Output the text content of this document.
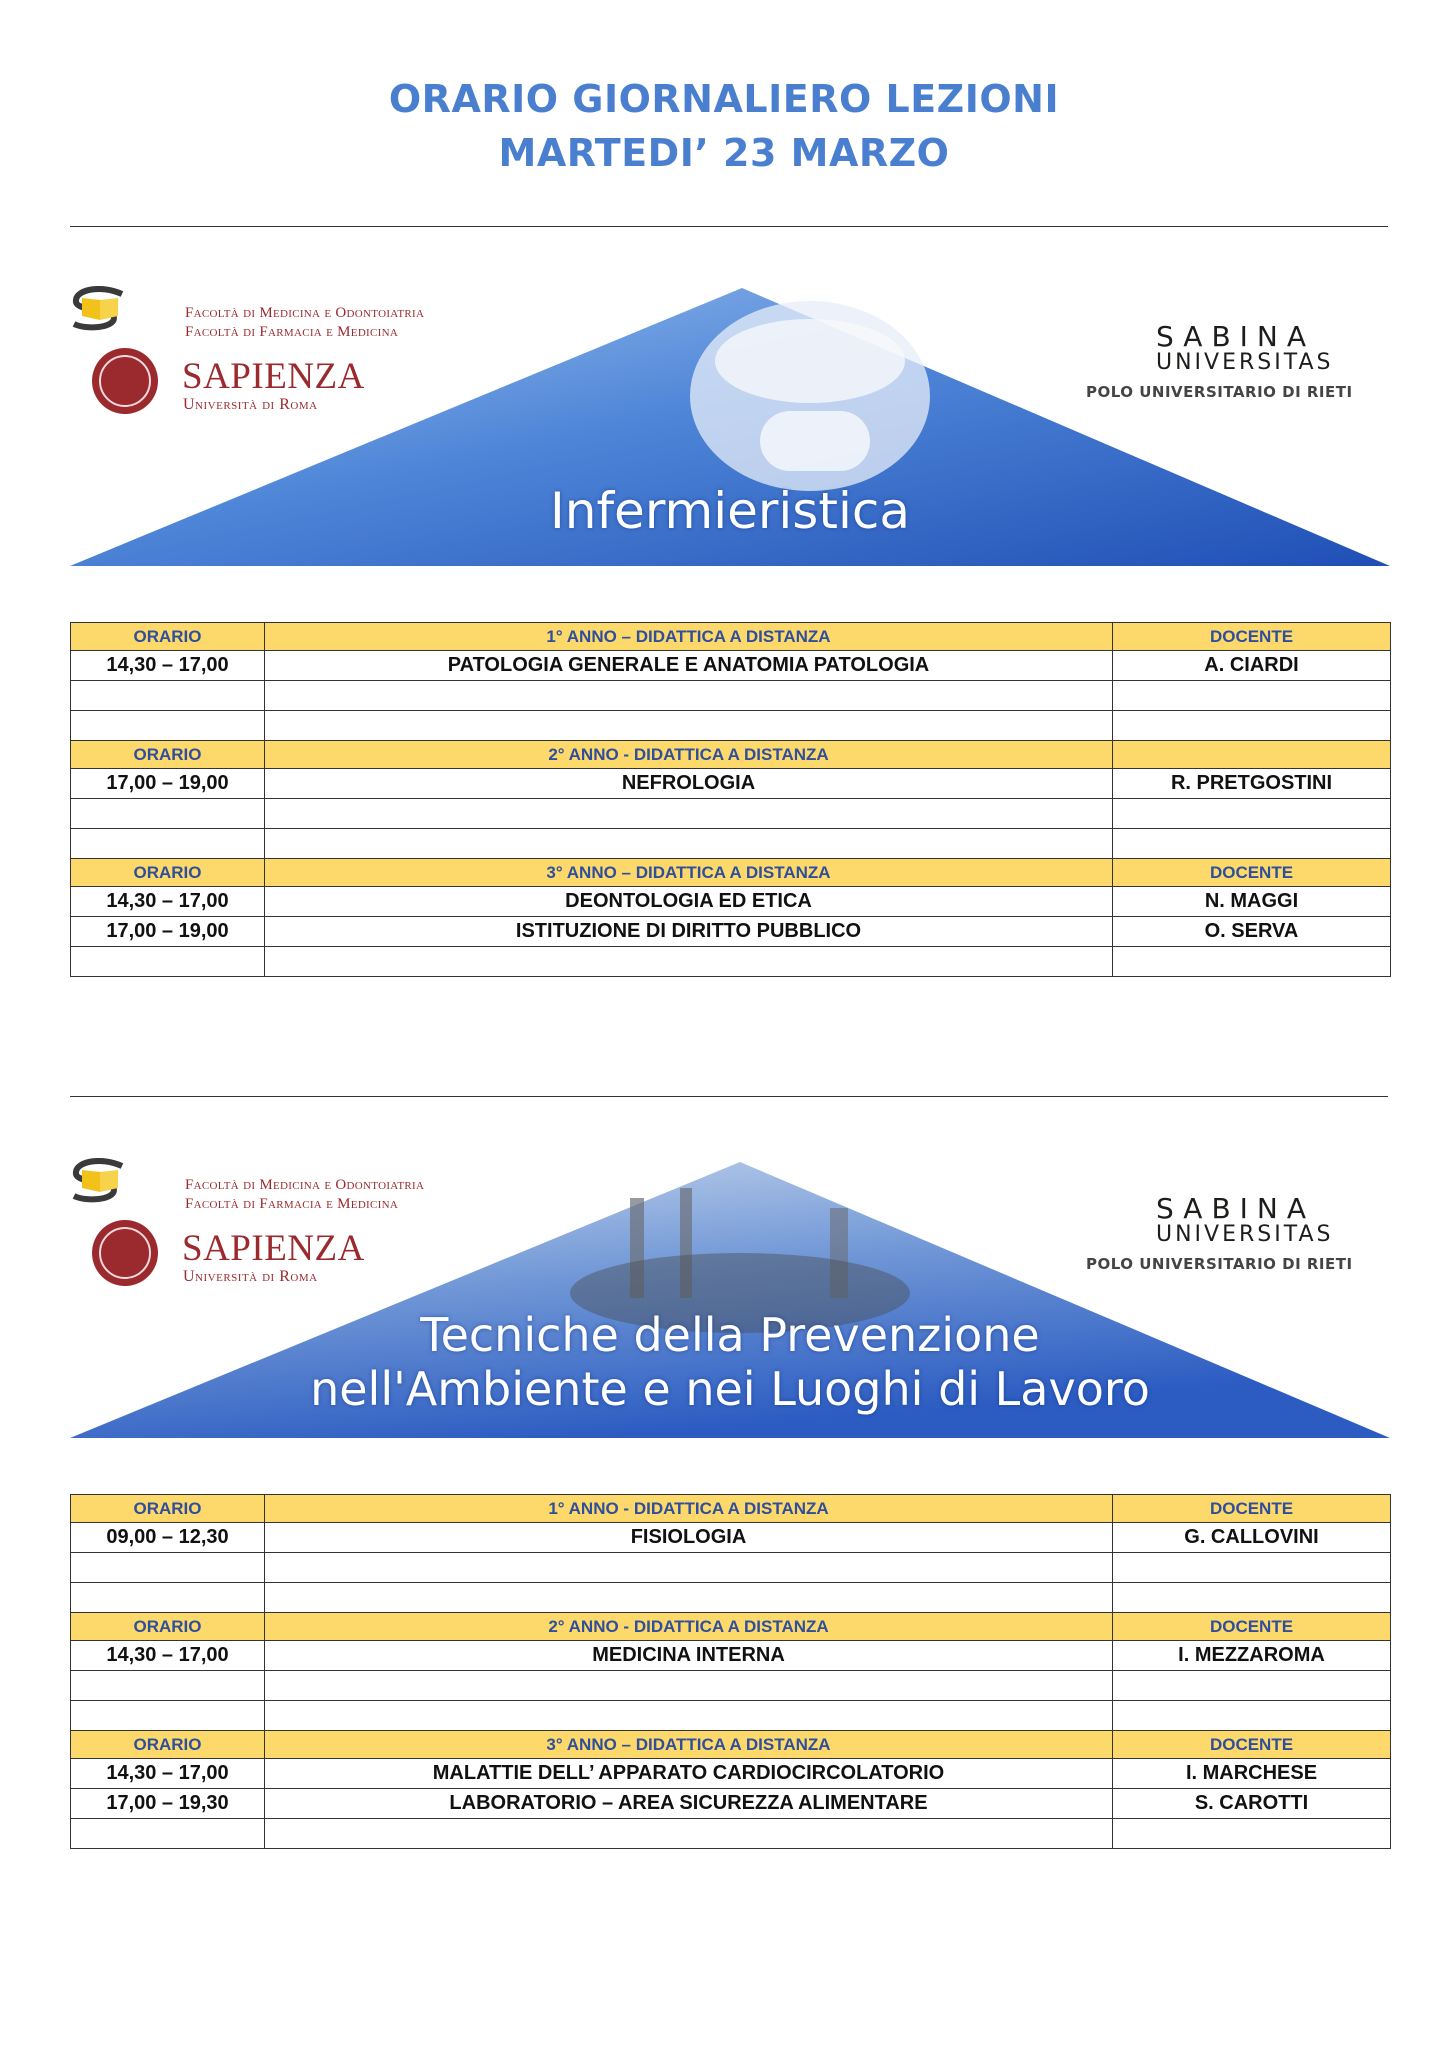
ORARIO GIORNALIERO LEZIONI
MARTEDI’ 23 MARZO
Facoltà di Medicina e Odontoiatria
Facoltà di Farmacia e Medicina
SAPIENZA
Università di Roma
SABINA
UNIVERSITAS
POLO UNIVERSITARIO DI RIETI
Infermieristica
ORARIO	1° ANNO – DIDATTICA A DISTANZA	DOCENTE
14,30 – 17,00	PATOLOGIA GENERALE E ANATOMIA PATOLOGIA	A. CIARDI

ORARIO	2° ANNO - DIDATTICA A DISTANZA	
17,00 – 19,00	NEFROLOGIA	R. PRETGOSTINI

ORARIO	3° ANNO – DIDATTICA A DISTANZA	DOCENTE
14,30 – 17,00	DEONTOLOGIA ED ETICA	N. MAGGI
17,00 – 19,00	ISTITUZIONE DI DIRITTO PUBBLICO	O. SERVA

Facoltà di Medicina e Odontoiatria
Facoltà di Farmacia e Medicina
SAPIENZA
Università di Roma
SABINA
UNIVERSITAS
POLO UNIVERSITARIO DI RIETI
Tecniche della Prevenzione
nell'Ambiente e nei Luoghi di Lavoro
ORARIO	1° ANNO - DIDATTICA A DISTANZA	DOCENTE
09,00 – 12,30	FISIOLOGIA	G. CALLOVINI

ORARIO	2° ANNO - DIDATTICA A DISTANZA	DOCENTE
14,30 – 17,00	MEDICINA INTERNA	I. MEZZAROMA

ORARIO	3° ANNO – DIDATTICA A DISTANZA	DOCENTE
14,30 – 17,00	MALATTIE DELL’ APPARATO CARDIOCIRCOLATORIO	I. MARCHESE
17,00 – 19,30	LABORATORIO – AREA SICUREZZA ALIMENTARE	S. CAROTTI
